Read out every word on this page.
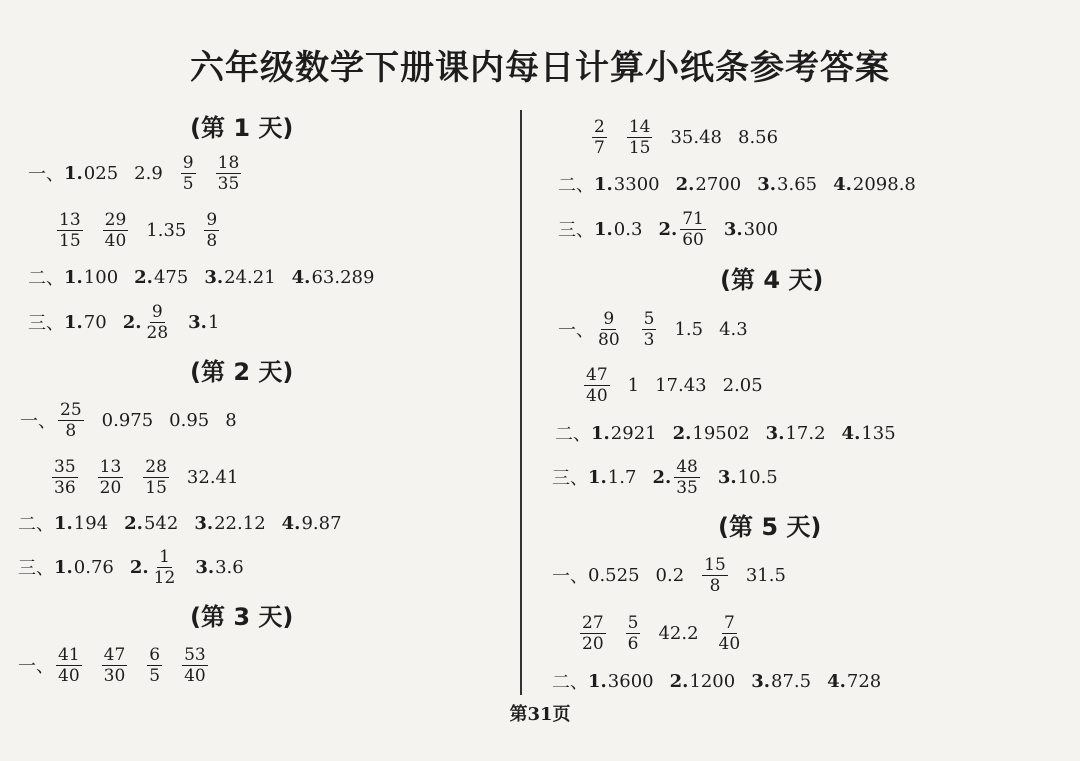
六年级数学下册课内每日计算小纸条参考答案
(第 1 天)
一、 1. 025 $2.9 \frac{9}{5} \frac{18}{35}$
$\frac{13}{15} \frac{29}{40} 1.35 \frac{9}{8}$
二、 1. 100 2. 475 3. 24.21 4. 63.289
三、 1. 70 2. $\frac{9}{28} 3$. 1
(第 2 天)
一、 $\frac{25}{8} 0.975$ 0.95 8
$\frac{35}{36} \frac{13}{20} \frac{28}{15} 32.41$
二、 1. 194 2. 542 3. 22.12 4. 9.87
三、 1. 0.76 2. $\frac{1}{12} 3$. 3.6
(第 3 天)
一、 $\frac{41}{40} \frac{47}{30} \frac{6}{5} \frac{53}{40}$
$\frac{2}{7} \frac{14}{15} 35.48$ 8.56
二、 1. 3300 2. 2700 3. 3.65 4. 2098.8
三、 1. 0.3 2. $\frac{71}{60} 3$. 300
(第 4 天)
一、 $\frac{9}{80} \frac{5}{3} 1.5$ 4.3
$\frac{47}{40} 1$ 17.43 2.05
二、 1. 2921 2. 19502 3. 17.2 4. 135
三、 1. 1.7 2. $\frac{48}{35} 3$. 10.5
(第 5 天)
一、 0.525 $0.2 \frac{15}{8} 31.5$
$\frac{27}{20} \frac{5}{6} 42.2 \frac{7}{40}$
二、 1. 3600 2. 1200 3. 87.5 4. 728
第31页
